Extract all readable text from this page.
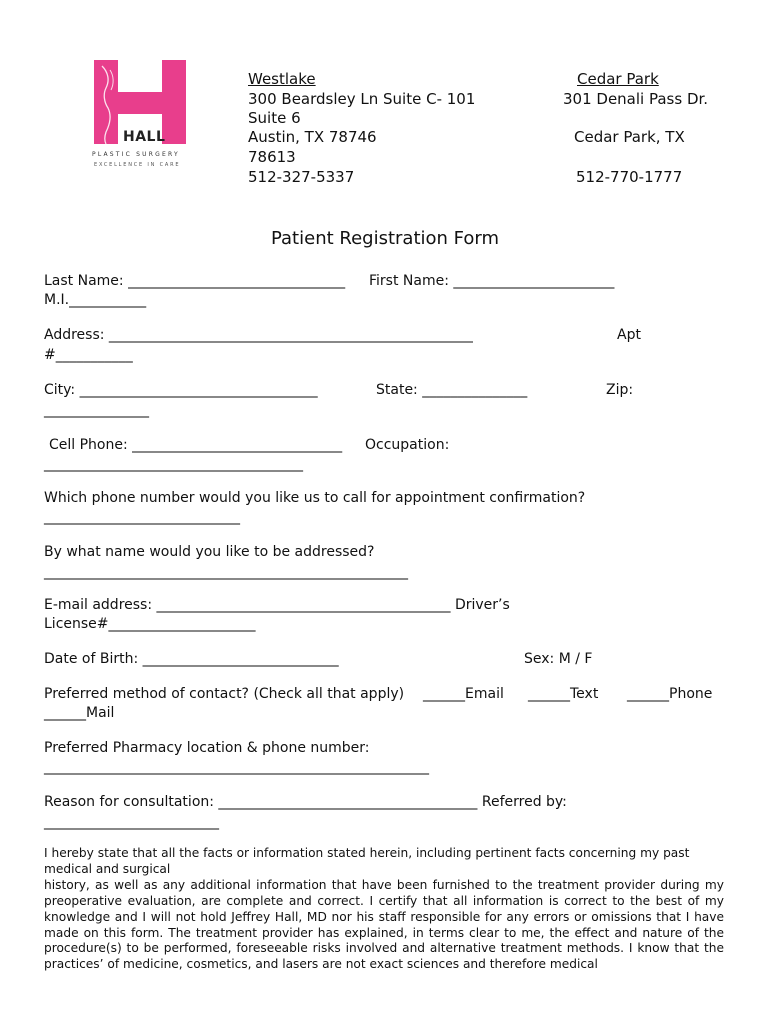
HALL
PLASTIC SURGERY
EXCELLENCE IN CARE
Westlake
300 Beardsley Ln Suite C- 101
Suite 6
Austin, TX 78746
78613
512-327-5337
Cedar Park
301 Denali Pass Dr.
Cedar Park, TX
512-770-1777
Patient Registration Form
Last Name: _______________________________ First Name: _______________________
M.I.___________
Address: ____________________________________________________	Apt
#___________
City: __________________________________	State: _______________	Zip:
_______________
Cell Phone: ______________________________ Occupation:
_____________________________________
Which phone number would you like us to call for appointment confirmation?
____________________________
By what name would you like to be addressed?
____________________________________________________
E-mail address: __________________________________________ Driver’s
License#_____________________
Date of Birth: ____________________________	Sex: M / F
Preferred method of contact? (Check all that apply) ______Email ______Text ______Phone
______Mail
Preferred Pharmacy location & phone number:
_______________________________________________________
Reason for consultation: _____________________________________ Referred by:
_________________________

I hereby state that all the facts or information stated herein, including pertinent facts concerning my past medical and surgical

history, as well as any additional information that have been furnished to the treatment provider during my preoperative evaluation, are complete and correct. I certify that all information is correct to the best of my knowledge and I will not hold Jeffrey Hall, MD nor his staff responsible for any errors or omissions that I have made on this form. The treatment provider has explained, in terms clear to me, the effect and nature of the procedure(s) to be performed, foreseeable risks involved and alternative treatment methods. I know that the practices’ of medicine, cosmetics, and lasers are not exact sciences and therefore medical
